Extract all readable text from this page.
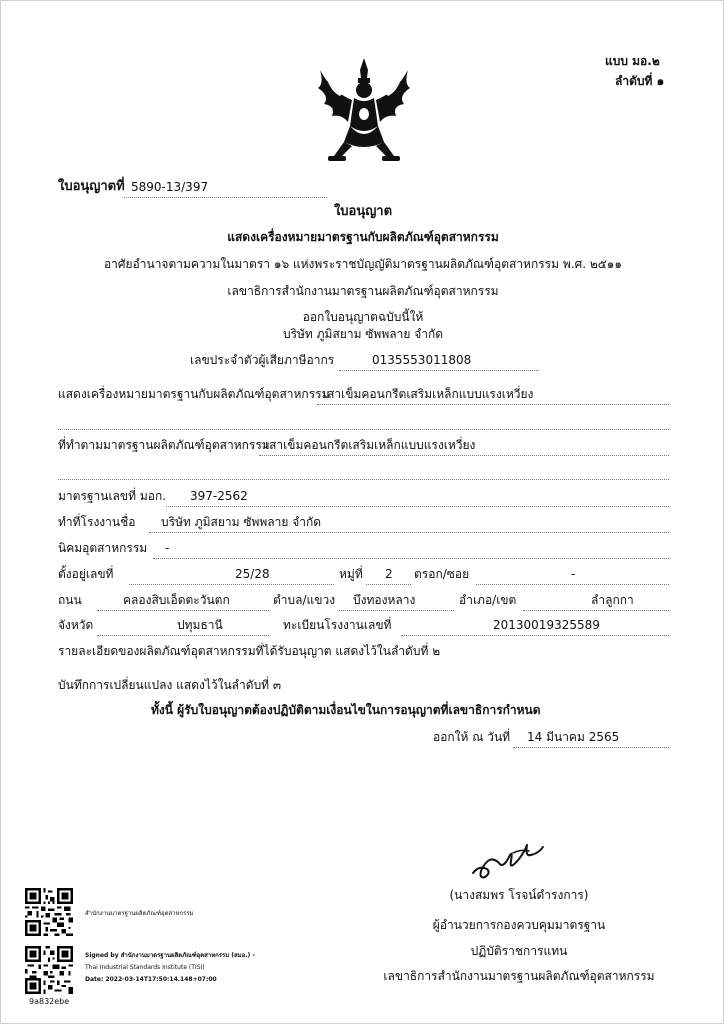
แบบ มอ.๒
ลำดับที่ ๑
ใบอนุญาตที่ 5890-13/397
ใบอนุญาต
แสดงเครื่องหมายมาตรฐานกับผลิตภัณฑ์อุตสาหกรรม
อาศัยอำนาจตามความในมาตรา ๑๖ แห่งพระราชบัญญัติมาตรฐานผลิตภัณฑ์อุตสาหกรรม พ.ศ. ๒๕๑๑
เลขาธิการสำนักงานมาตรฐานผลิตภัณฑ์อุตสาหกรรม
ออกใบอนุญาตฉบับนี้ให้
บริษัท ภูมิสยาม ซัพพลาย จำกัด
เลขประจำตัวผู้เสียภาษีอากร	0135553011808
แสดงเครื่องหมายมาตรฐานกับผลิตภัณฑ์อุตสาหกรรม
เสาเข็มคอนกรีตเสริมเหล็กแบบแรงเหวี่ยง
ที่ทำตามมาตรฐานผลิตภัณฑ์อุตสาหกรรม
เสาเข็มคอนกรีตเสริมเหล็กแบบแรงเหวี่ยง
มาตรฐานเลขที่ มอก. 397-2562
ทำที่โรงงานชื่อ บริษัท ภูมิสยาม ซัพพลาย จำกัด
นิคมอุตสาหกรรม -
ตั้งอยู่เลขที่	25/28	หมู่ที่ 2 ตรอก/ซอย	-
ถนน	คลองสิบเอ็ดตะวันตก	ตำบล/แขวง บึงทองหลาง	อำเภอ/เขต	ลำลูกกา
จังหวัด	ปทุมธานี	ทะเบียนโรงงานเลขที่	20130019325589
รายละเอียดของผลิตภัณฑ์อุตสาหกรรมที่ได้รับอนุญาต แสดงไว้ในลำดับที่ ๒
บันทึกการเปลี่ยนแปลง แสดงไว้ในลำดับที่ ๓
ทั้งนี้ ผู้รับใบอนุญาตต้องปฏิบัติตามเงื่อนไขในการอนุญาตที่เลขาธิการกำหนด
ออกให้ ณ วันที่ 14 มีนาคม 2565
(นางสมพร โรจน์ดำรงการ)
ผู้อำนวยการกองควบคุมมาตรฐาน
ปฏิบัติราชการแทน
เลขาธิการสำนักงานมาตรฐานผลิตภัณฑ์อุตสาหกรรม
สำนักงานมาตรฐานผลิตภัณฑ์อุตสาหกรรม
Signed by สำนักงานมาตรฐานผลิตภัณฑ์อุตสาหกรรม (สมอ.) -
Thai Industrial Standards Institute (TISI)
Date: 2022-03-14T17:50:14.148+07:00
9a832ebe
